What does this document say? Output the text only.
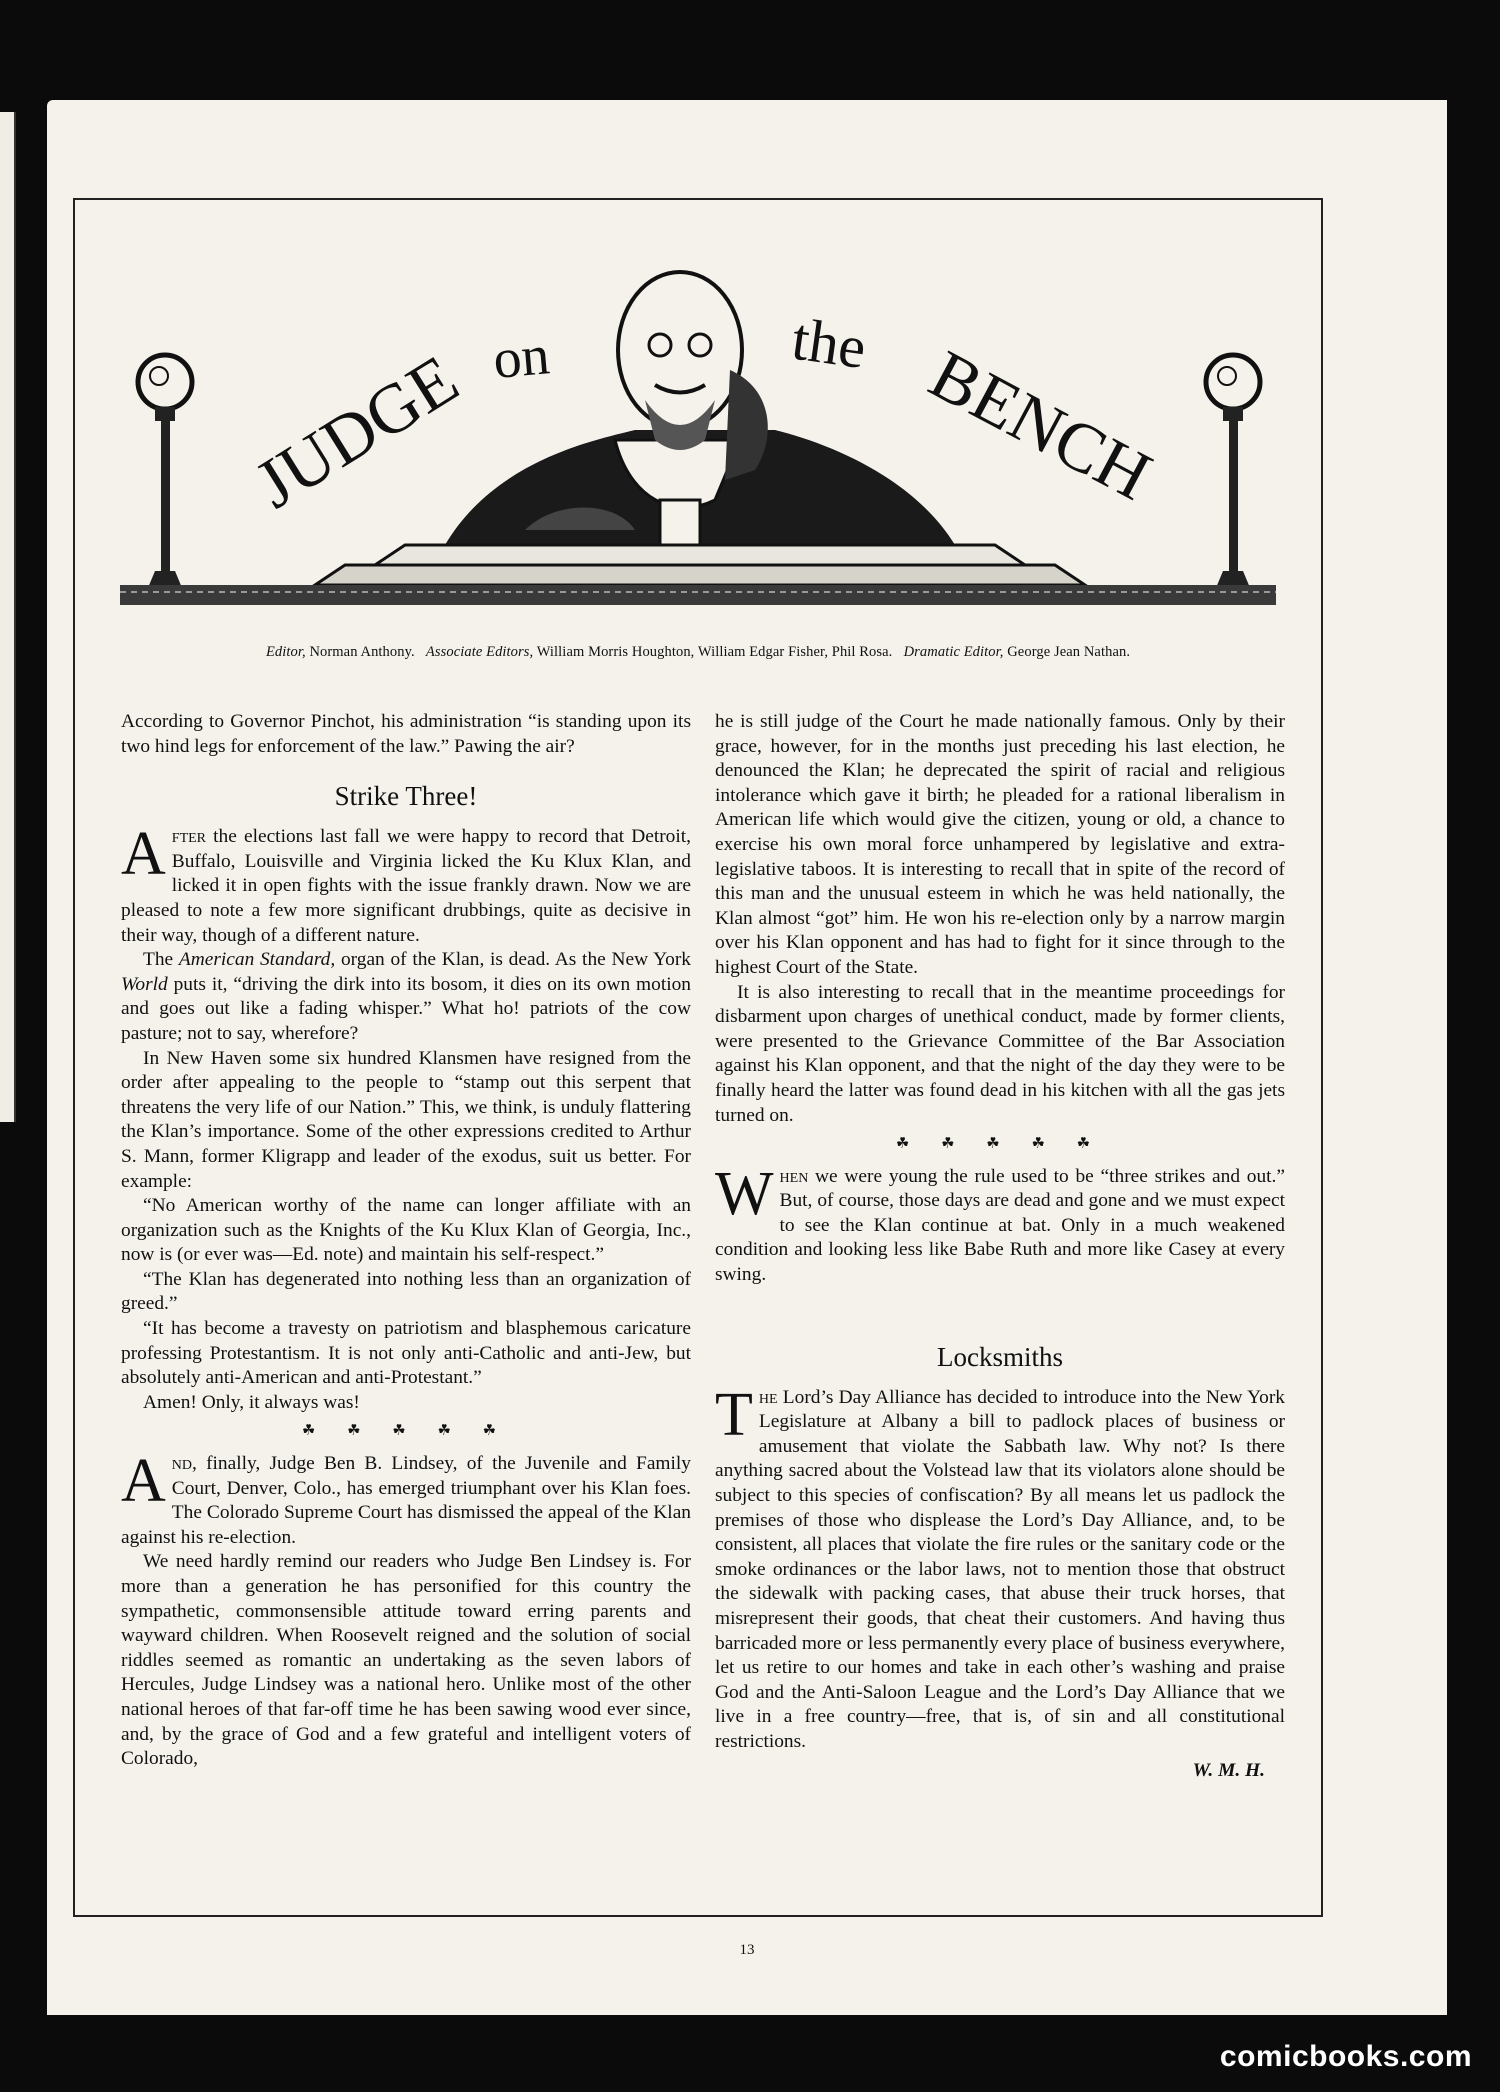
JUDGE on	the BENCH
Editor, Norman Anthony. Associate Editors, William Morris Houghton, William Edgar Fisher, Phil Rosa. Dramatic Editor, George Jean Nathan.

According to Governor Pinchot, his administration “is standing upon its two hind legs for enforcement of the law.” Pawing the air?

Strike Three!

After the elections last fall we were happy to record that Detroit, Buffalo, Louisville and Virginia licked the Ku Klux Klan, and licked it in open fights with the issue frankly drawn. Now we are pleased to note a few more significant drubbings, quite as decisive in their way, though of a different nature.

The American Standard, organ of the Klan, is dead. As the New York World puts it, “driving the dirk into its bosom, it dies on its own motion and goes out like a fading whisper.” What ho! patriots of the cow pasture; not to say, wherefore?

In New Haven some six hundred Klansmen have resigned from the order after appealing to the people to “stamp out this serpent that threatens the very life of our Nation.” This, we think, is unduly flattering the Klan’s importance. Some of the other expressions credited to Arthur S. Mann, former Kligrapp and leader of the exodus, suit us better. For example:

“No American worthy of the name can longer affiliate with an organization such as the Knights of the Ku Klux Klan of Georgia, Inc., now is (or ever was—Ed. note) and maintain his self-respect.”

“The Klan has degenerated into nothing less than an organization of greed.”

“It has become a travesty on patriotism and blasphemous caricature professing Protestantism. It is not only anti-Catholic and anti-Jew, but absolutely anti-American and anti-Protestant.”

Amen! Only, it always was!

☘ ☘ ☘ ☘ ☘

And, finally, Judge Ben B. Lindsey, of the Juvenile and Family Court, Denver, Colo., has emerged triumphant over his Klan foes. The Colorado Supreme Court has dismissed the appeal of the Klan against his re-election.

We need hardly remind our readers who Judge Ben Lindsey is. For more than a generation he has personified for this country the sympathetic, commonsensible attitude toward erring parents and wayward children. When Roosevelt reigned and the solution of social riddles seemed as romantic an undertaking as the seven labors of Hercules, Judge Lindsey was a national hero. Unlike most of the other national heroes of that far-off time he has been sawing wood ever since, and, by the grace of God and a few grateful and intelligent voters of Colorado,

he is still judge of the Court he made nationally famous. Only by their grace, however, for in the months just preceding his last election, he denounced the Klan; he deprecated the spirit of racial and religious intolerance which gave it birth; he pleaded for a rational liberalism in American life which would give the citizen, young or old, a chance to exercise his own moral force unhampered by legislative and extra-legislative taboos. It is interesting to recall that in spite of the record of this man and the unusual esteem in which he was held nationally, the Klan almost “got” him. He won his re-election only by a narrow margin over his Klan opponent and has had to fight for it since through to the highest Court of the State.

It is also interesting to recall that in the meantime proceedings for disbarment upon charges of unethical conduct, made by former clients, were presented to the Grievance Committee of the Bar Association against his Klan opponent, and that the night of the day they were to be finally heard the latter was found dead in his kitchen with all the gas jets turned on.

☘ ☘ ☘ ☘ ☘

When we were young the rule used to be “three strikes and out.” But, of course, those days are dead and gone and we must expect to see the Klan continue at bat. Only in a much weakened condition and looking less like Babe Ruth and more like Casey at every swing.

Locksmiths

The Lord’s Day Alliance has decided to introduce into the New York Legislature at Albany a bill to padlock places of business or amusement that violate the Sabbath law. Why not? Is there anything sacred about the Volstead law that its violators alone should be subject to this species of confiscation? By all means let us padlock the premises of those who displease the Lord’s Day Alliance, and, to be consistent, all places that violate the fire rules or the sanitary code or the smoke ordinances or the labor laws, not to mention those that obstruct the sidewalk with packing cases, that abuse their truck horses, that misrepresent their goods, that cheat their customers. And having thus barricaded more or less permanently every place of business everywhere, let us retire to our homes and take in each other’s washing and praise God and the Anti-Saloon League and the Lord’s Day Alliance that we live in a free country—free, that is, of sin and all constitutional restrictions.

W. M. H.
13
comicbooks.com
